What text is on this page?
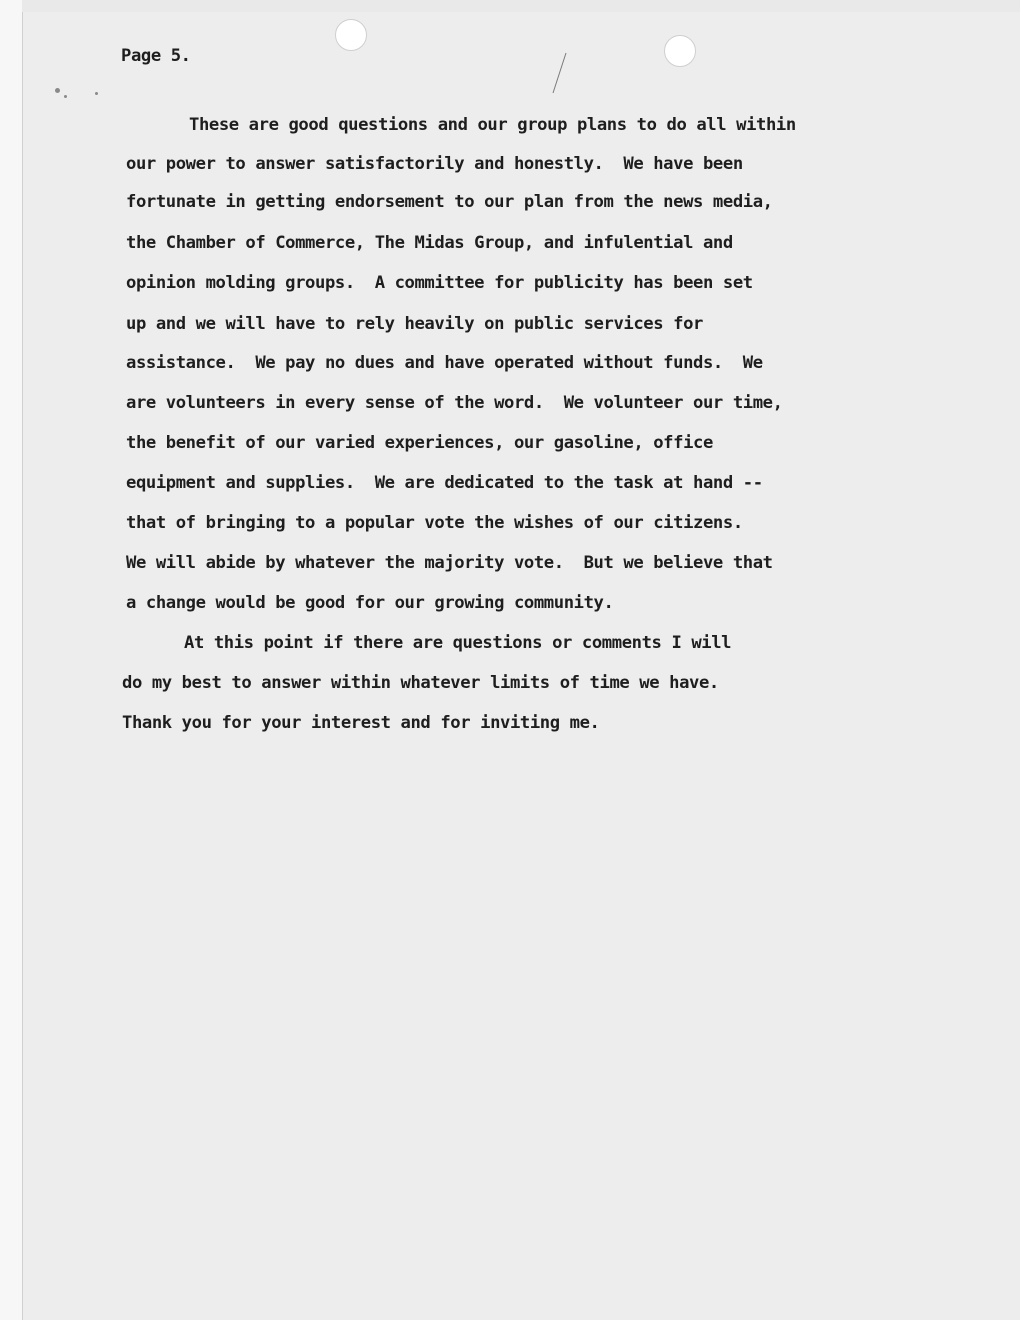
Page 5.
These are good questions and our group plans to do all within
our power to answer satisfactorily and honestly.  We have been
fortunate in getting endorsement to our plan from the news media,
the Chamber of Commerce, The Midas Group, and infulential and
opinion molding groups.  A committee for publicity has been set
up and we will have to rely heavily on public services for
assistance.  We pay no dues and have operated without funds.  We
are volunteers in every sense of the word.  We volunteer our time,
the benefit of our varied experiences, our gasoline, office
equipment and supplies.  We are dedicated to the task at hand --
that of bringing to a popular vote the wishes of our citizens.
We will abide by whatever the majority vote.  But we believe that
a change would be good for our growing community.
At this point if there are questions or comments I will
do my best to answer within whatever limits of time we have.
Thank you for your interest and for inviting me.
